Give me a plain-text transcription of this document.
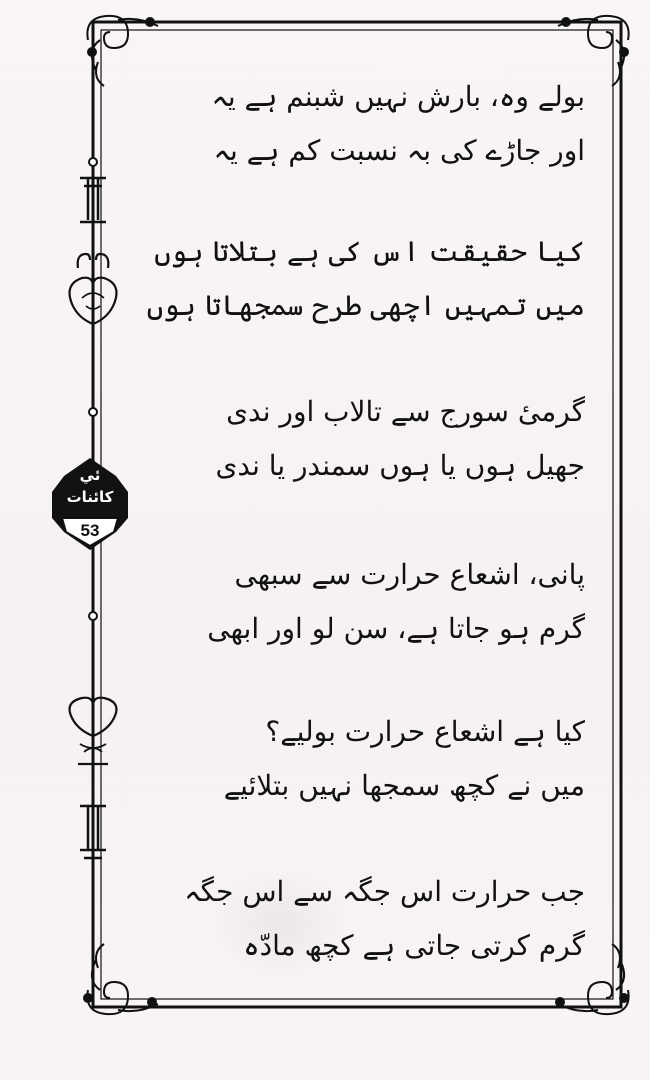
ئي
كائنات
53
بولے وہ، بارش نہیں شبنم ہے یہ
اور جاڑے کی بہ نسبت کم ہے یہ
کیا حقیقت اس کی ہے بتلاتا ہوں
میں تمہیں اچھی طرح سمجھاتا ہوں
گرمیٔ سورج سے تالاب اور ندی
جھیل ہوں یا ہوں سمندر یا ندی
پانی، اشعاع حرارت سے سبھی
گرم ہو جاتا ہے، سن لو اور ابھی
کیا ہے اشعاع حرارت بولیے؟
میں نے کچھ سمجھا نہیں بتلائیے
جب حرارت اس جگہ سے اس جگہ
گرم کرتی جاتی ہے کچھ مادّہ
